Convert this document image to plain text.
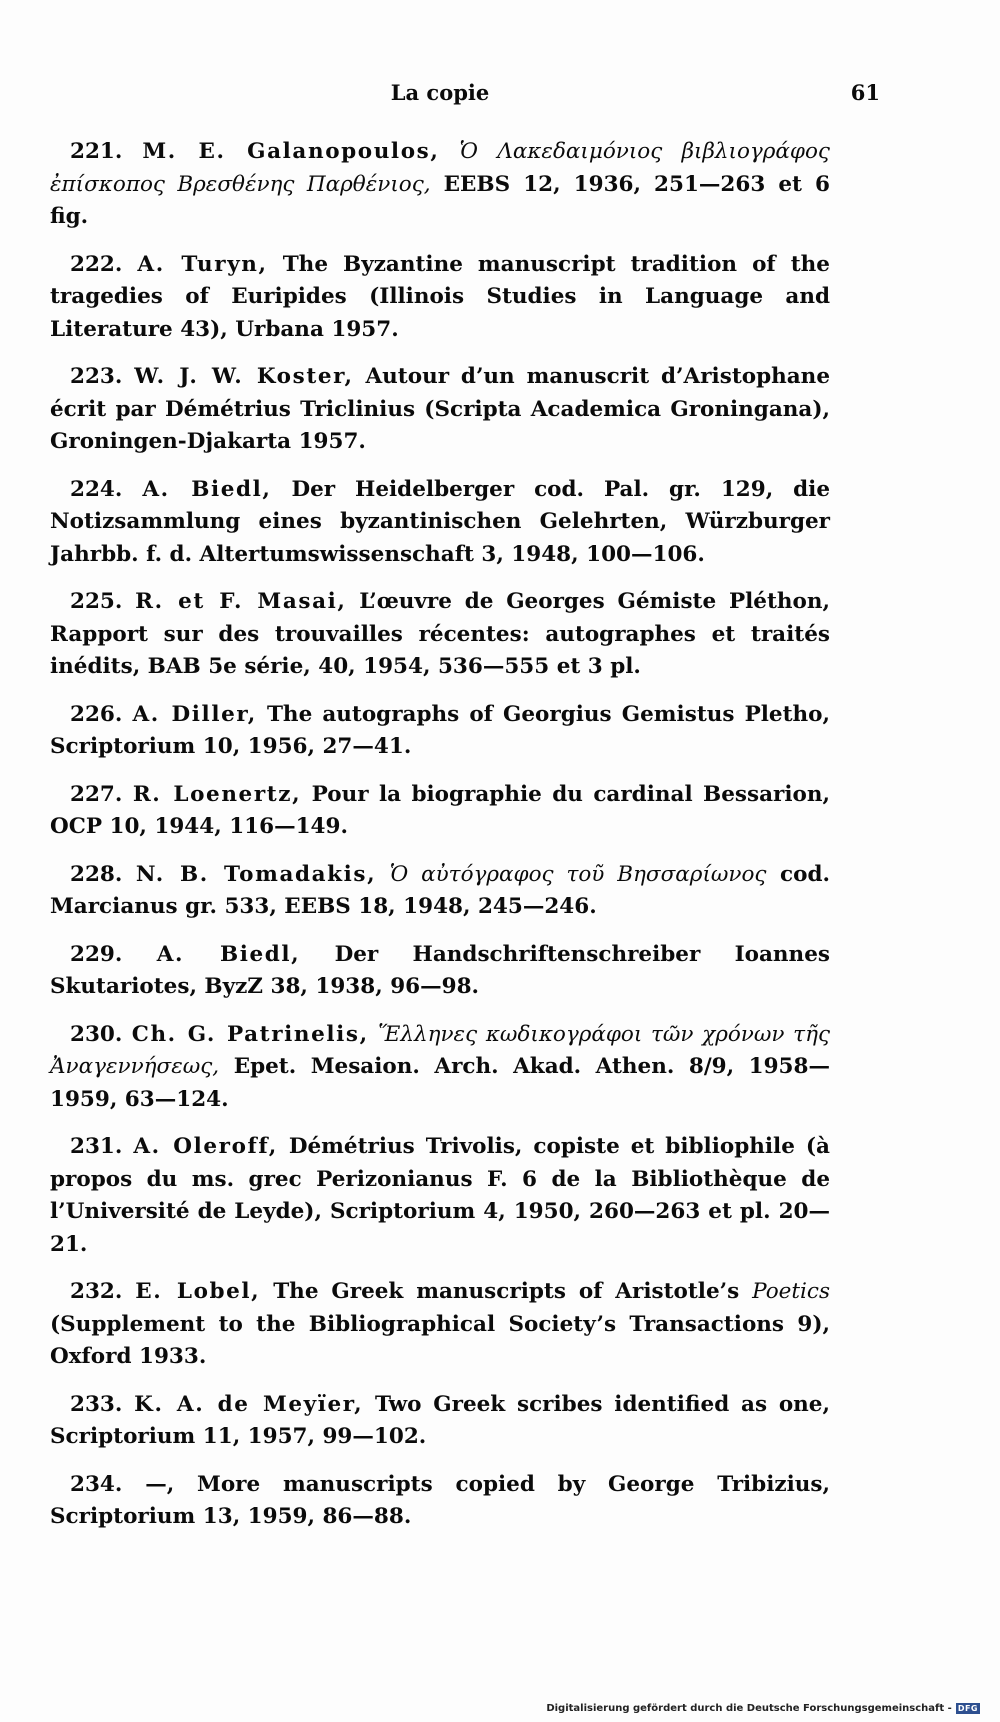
La copie	61

221. M. E. Galanopoulos, Ὁ Λακεδαιμόνιος βιβλιογράφος ἐπίσκοπος Βρεσθένης Παρθένιος, EEBS 12, 1936, 251—263 et 6 fig.

222. A. Turyn, The Byzantine manuscript tradition of the tragedies of Euripides (Illinois Studies in Language and Literature 43), Urbana 1957.

223. W. J. W. Koster, Autour d’un manuscrit d’Aristophane écrit par Démétrius Triclinius (Scripta Academica Groningana), Groningen-Djakarta 1957.

224. A. Biedl, Der Heidelberger cod. Pal. gr. 129, die Notizsammlung eines byzantinischen Gelehrten, Würzburger Jahrbb. f. d. Altertumswissenschaft 3, 1948, 100—106.

225. R. et F. Masai, L’œuvre de Georges Gémiste Pléthon, Rapport sur des trouvailles récentes: autographes et traités inédits, BAB 5e série, 40, 1954, 536—555 et 3 pl.

226. A. Diller, The autographs of Georgius Gemistus Pletho, Scriptorium 10, 1956, 27—41.

227. R. Loenertz, Pour la biographie du cardinal Bessarion, OCP 10, 1944, 116—149.

228. N. B. Tomadakis, Ὁ αὐτόγραφος τοῦ Βησσαρίωνος cod. Marcianus gr. 533, EEBS 18, 1948, 245—246.

229. A. Biedl, Der Handschriftenschreiber Ioannes Skutariotes, ByzZ 38, 1938, 96—98.

230. Ch. G. Patrinelis, Ἕλληνες κωδικογράφοι τῶν χρόνων τῆς Ἀναγεννήσεως, Epet. Mesaion. Arch. Akad. Athen. 8/9, 1958—1959, 63—124.

231. A. Oleroff, Démétrius Trivolis, copiste et bibliophile (à propos du ms. grec Perizonianus F. 6 de la Bibliothèque de l’Université de Leyde), Scriptorium 4, 1950, 260—263 et pl. 20—21.

232. E. Lobel, The Greek manuscripts of Aristotle’s Poetics (Supplement to the Bibliographical Society’s Transactions 9), Oxford 1933.

233. K. A. de Meyïer, Two Greek scribes identified as one, Scriptorium 11, 1957, 99—102.

234. —, More manuscripts copied by George Tribizius, Scriptorium 13, 1959, 86—88.

Digitalisierung gefördert durch die Deutsche Forschungsgemeinschaft - DFG
